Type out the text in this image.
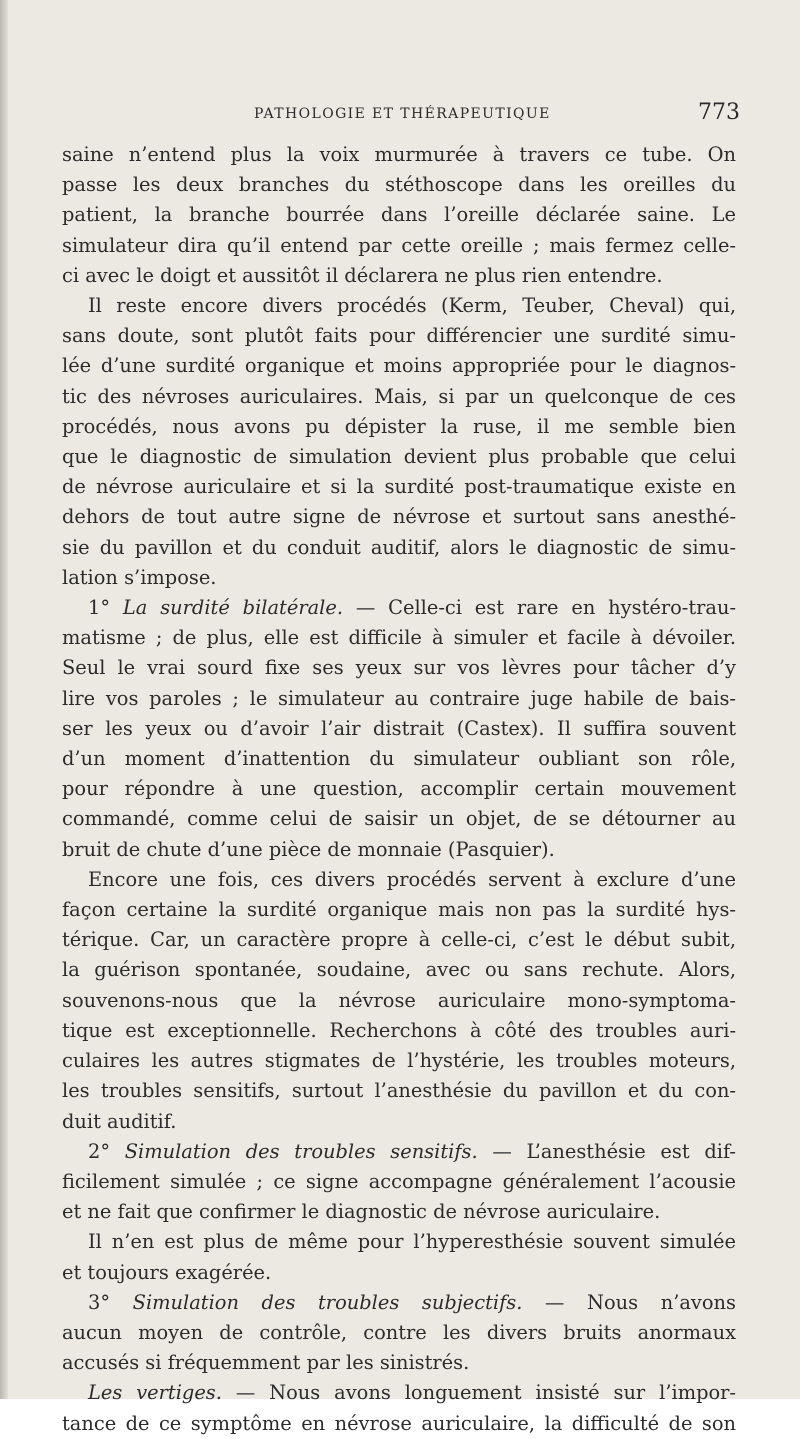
PATHOLOGIE ET THÉRAPEUTIQUE	773
saine n’entend plus la voix murmurée à travers ce tube. On
passe les deux branches du stéthoscope dans les oreilles du
patient, la branche bourrée dans l’oreille déclarée saine. Le
simulateur dira qu’il entend par cette oreille ; mais fermez celle-
ci avec le doigt et aussitôt il déclarera ne plus rien entendre.
Il reste encore divers procédés (Kerm, Teuber, Cheval) qui,
sans doute, sont plutôt faits pour différencier une surdité simu-
lée d’une surdité organique et moins appropriée pour le diagnos-
tic des névroses auriculaires. Mais, si par un quelconque de ces
procédés, nous avons pu dépister la ruse, il me semble bien
que le diagnostic de simulation devient plus probable que celui
de névrose auriculaire et si la surdité post-traumatique existe en
dehors de tout autre signe de névrose et surtout sans anesthé-
sie du pavillon et du conduit auditif, alors le diagnostic de simu-
lation s’impose.
1° La surdité bilatérale. — Celle-ci est rare en hystéro-trau-
matisme ; de plus, elle est difficile à simuler et facile à dévoiler.
Seul le vrai sourd fixe ses yeux sur vos lèvres pour tâcher d’y
lire vos paroles ; le simulateur au contraire juge habile de bais-
ser les yeux ou d’avoir l’air distrait (Castex). Il suffira souvent
d’un moment d’inattention du simulateur oubliant son rôle,
pour répondre à une question, accomplir certain mouvement
commandé, comme celui de saisir un objet, de se détourner au
bruit de chute d’une pièce de monnaie (Pasquier).
Encore une fois, ces divers procédés servent à exclure d’une
façon certaine la surdité organique mais non pas la surdité hys-
térique. Car, un caractère propre à celle-ci, c’est le début subit,
la guérison spontanée, soudaine, avec ou sans rechute. Alors,
souvenons-nous que la névrose auriculaire mono-symptoma-
tique est exceptionnelle. Recherchons à côté des troubles auri-
culaires les autres stigmates de l’hystérie, les troubles moteurs,
les troubles sensitifs, surtout l’anesthésie du pavillon et du con-
duit auditif.
2° Simulation des troubles sensitifs. — L’anesthésie est dif-
ficilement simulée ; ce signe accompagne généralement l’acousie
et ne fait que confirmer le diagnostic de névrose auriculaire.
Il n’en est plus de même pour l’hyperesthésie souvent simulée
et toujours exagérée.
3° Simulation des troubles subjectifs. — Nous n’avons
aucun moyen de contrôle, contre les divers bruits anormaux
accusés si fréquemment par les sinistrés.
Les vertiges. — Nous avons longuement insisté sur l’impor-
tance de ce symptôme en névrose auriculaire, la difficulté de son
